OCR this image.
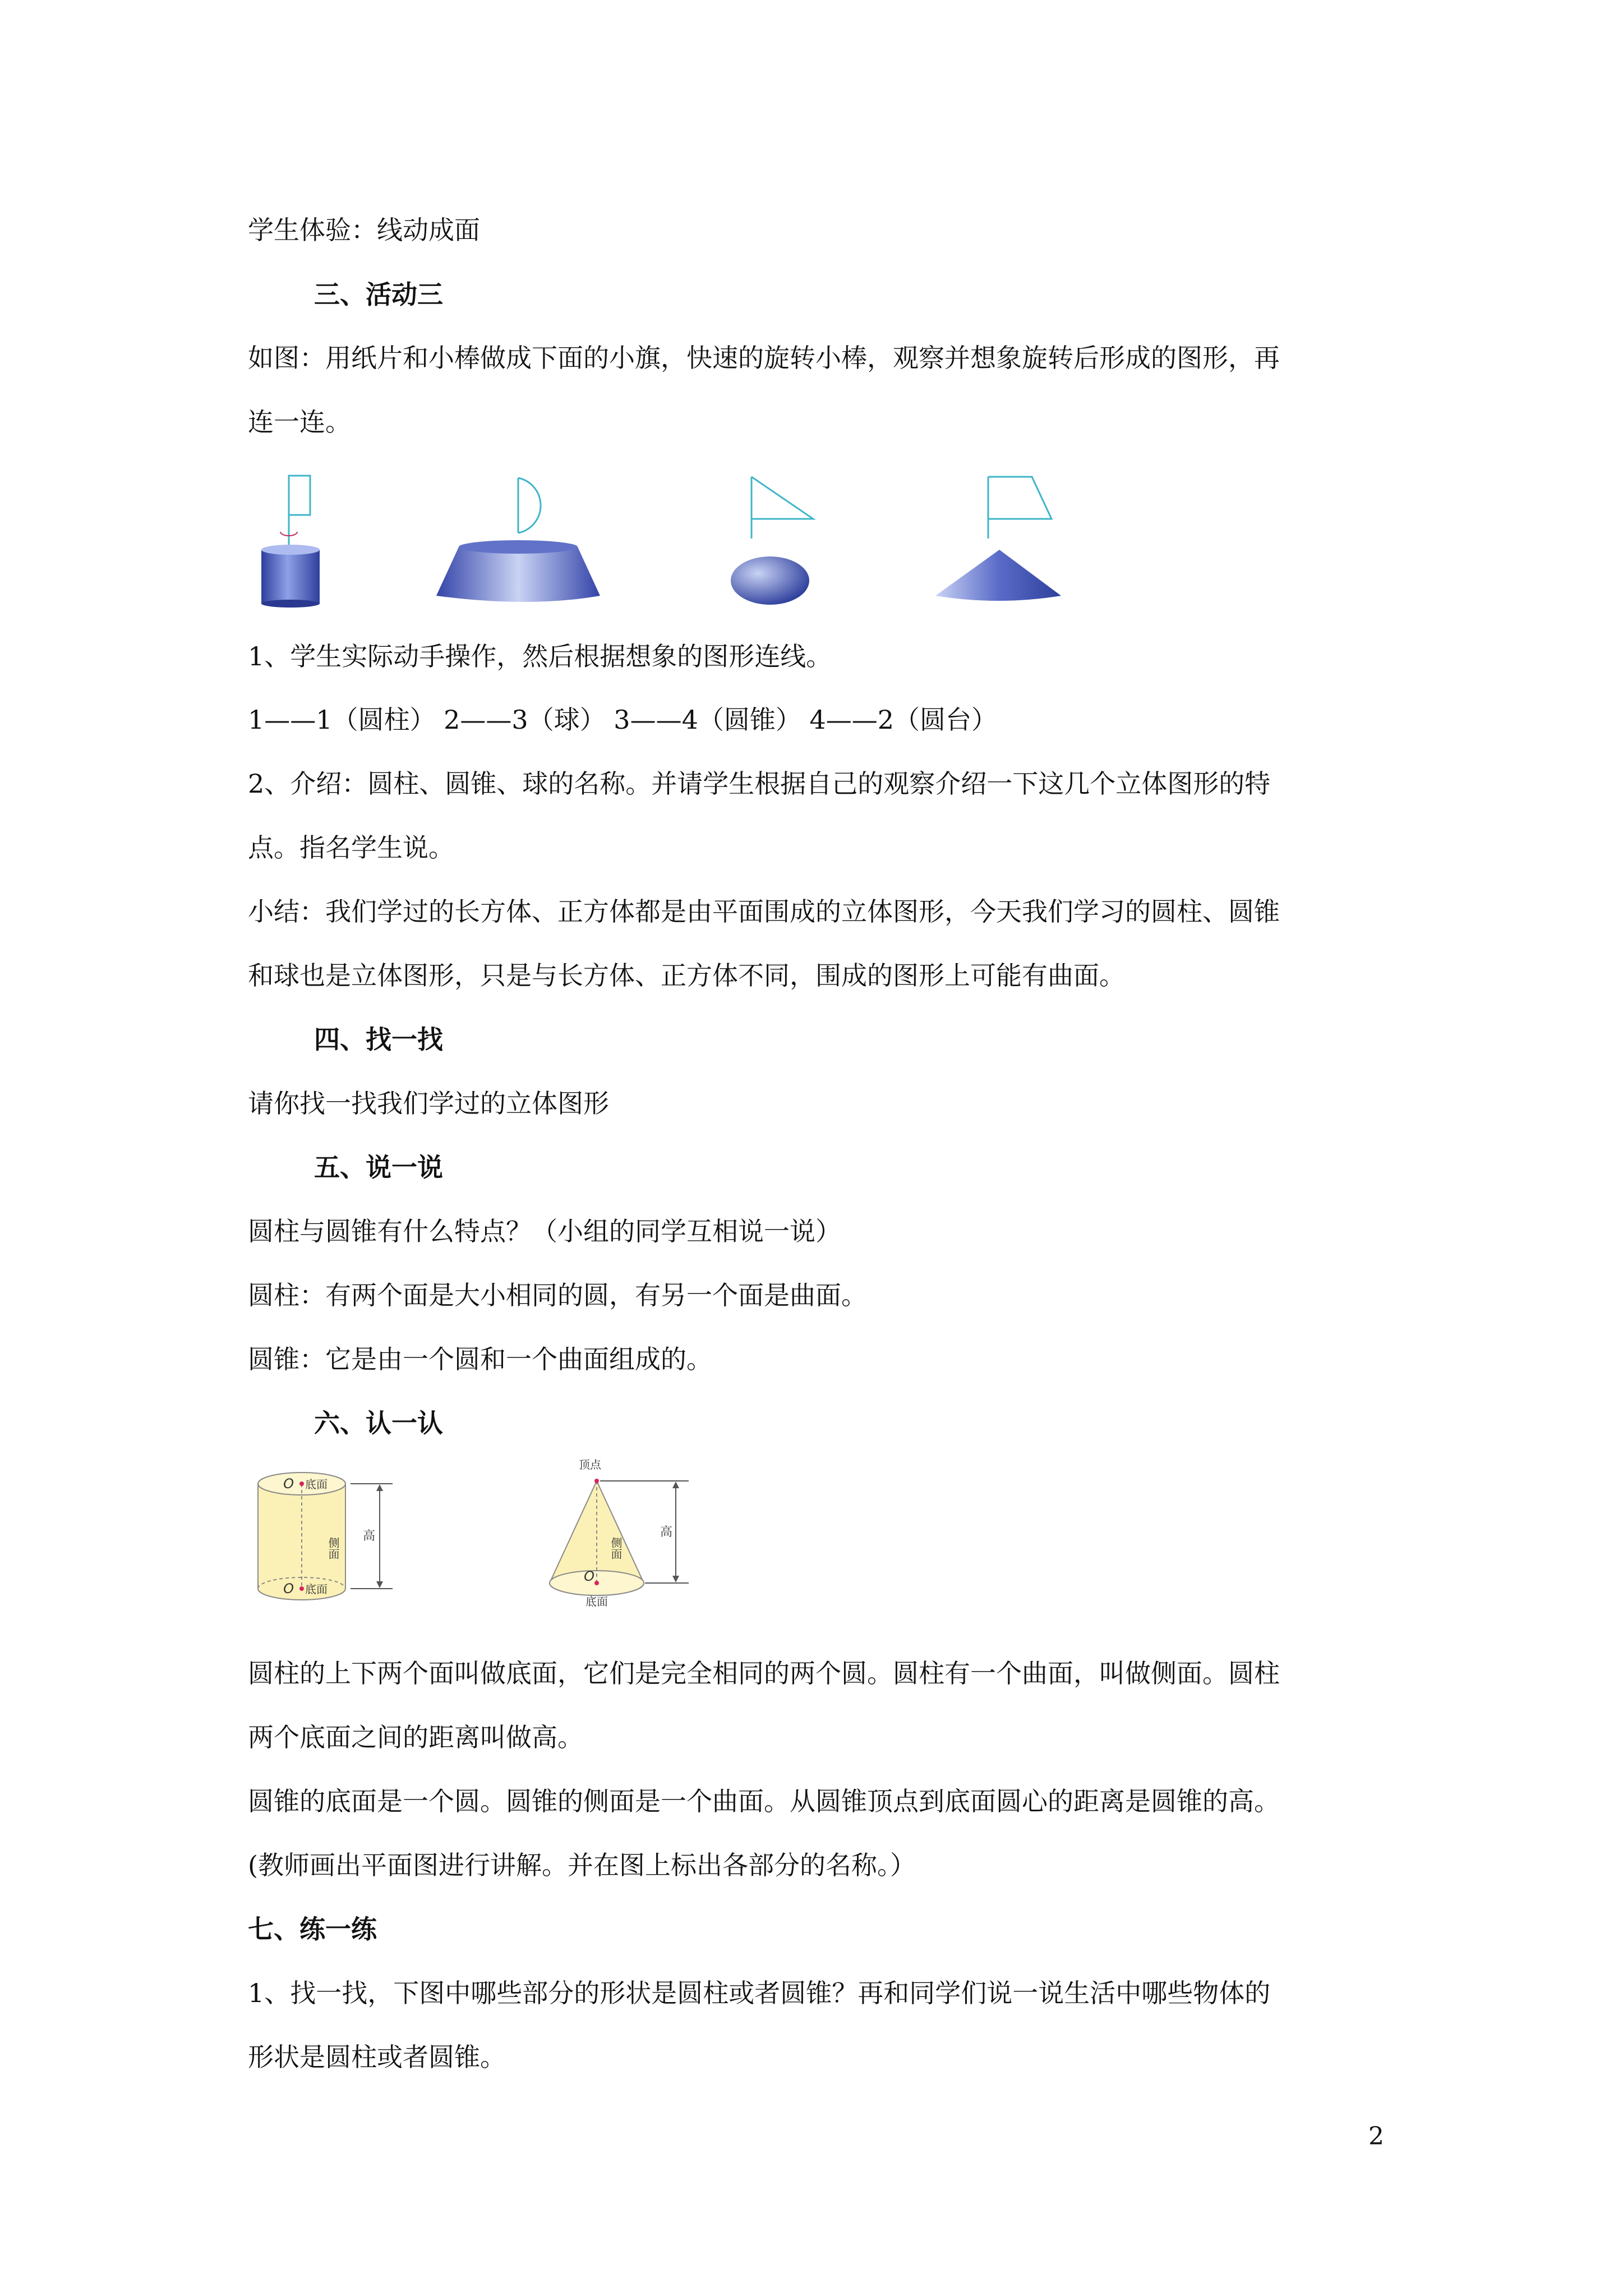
学生体验：线动成面

三、活动三

如图：用纸片和小棒做成下面的小旗，快速的旋转小棒，观察并想象旋转后形成的图形，再

连一连。

1、学生实际动手操作，然后根据想象的图形连线。

1——1（圆柱） 2——3（球） 3——4（圆锥） 4——2（圆台）

2、介绍：圆柱、圆锥、球的名称。并请学生根据自己的观察介绍一下这几个立体图形的特

点。指名学生说。

小结：我们学过的长方体、正方体都是由平面围成的立体图形，今天我们学习的圆柱、圆锥

和球也是立体图形，只是与长方体、正方体不同，围成的图形上可能有曲面。

四、找一找

请你找一找我们学过的立体图形

五、说一说

圆柱与圆锥有什么特点？（小组的同学互相说一说）

圆柱：有两个面是大小相同的圆，有另一个面是曲面。

圆锥：它是由一个圆和一个曲面组成的。

六、认一认

O 底面
O 底面
侧面
高
顶点
O
底面
侧面
高

圆柱的上下两个面叫做底面，它们是完全相同的两个圆。圆柱有一个曲面，叫做侧面。圆柱

两个底面之间的距离叫做高。

圆锥的底面是一个圆。圆锥的侧面是一个曲面。从圆锥顶点到底面圆心的距离是圆锥的高。

(教师画出平面图进行讲解。并在图上标出各部分的名称。）

七、练一练

1、找一找，下图中哪些部分的形状是圆柱或者圆锥？再和同学们说一说生活中哪些物体的

形状是圆柱或者圆锥。

2
